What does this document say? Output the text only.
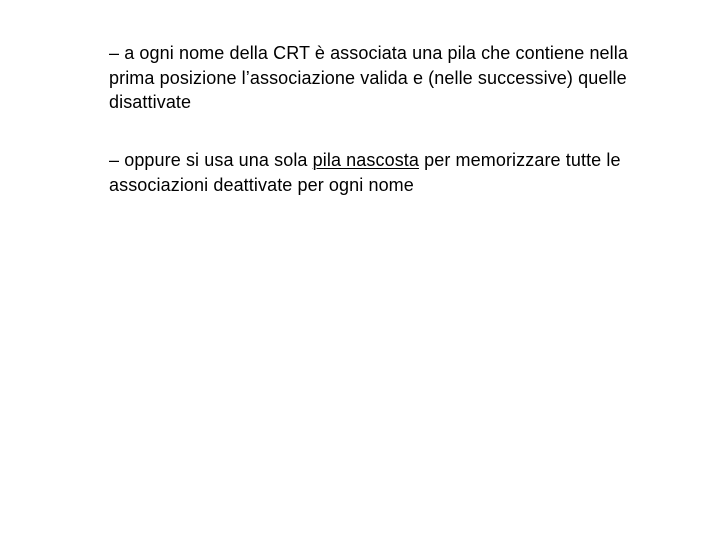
– a ogni nome della CRT è associata una pila che contiene nella prima posizione l’associazione valida e (nelle successive) quelle disattivate
– oppure si usa una sola pila nascosta per memorizzare tutte le associazioni deattivate per ogni nome
